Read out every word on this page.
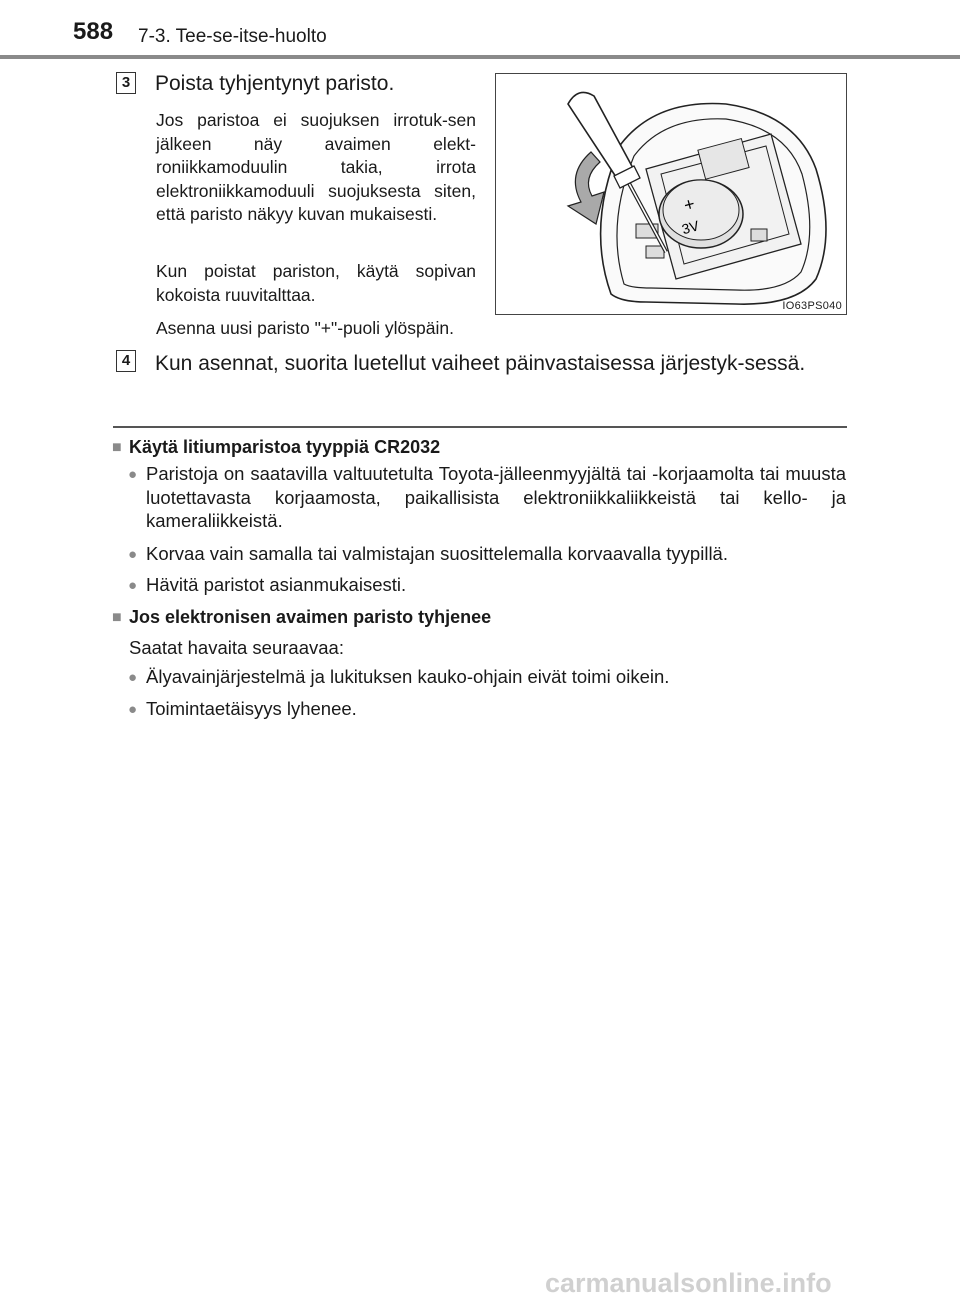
588 7-3. Tee-se-itse-huolto
3 Poista tyhjentynyt paristo.
Jos paristoa ei suojuksen irrotuk-sen jälkeen näy avaimen elekt-roniikkamoduulin takia, irrota elektroniikkamoduuli suojuksesta siten, että paristo näkyy kuvan mukaisesti.
Kun poistat pariston, käytä sopivan kokoista ruuvitalttaa.
Asenna uusi paristo "+"-puoli ylöspäin.
3V
+
IO63PS040
4 Kun asennat, suorita luetellut vaiheet päinvastaisessa järjestyk-sessä.
■ Käytä litiumparistoa tyyppiä CR2032
● Paristoja on saatavilla valtuutetulta Toyota-jälleenmyyjältä tai -korjaamolta tai muusta luotettavasta korjaamosta, paikallisista elektroniikkaliikkeistä tai kello- ja kameraliikkeistä.
● Korvaa vain samalla tai valmistajan suosittelemalla korvaavalla tyypillä.
● Hävitä paristot asianmukaisesti.
■ Jos elektronisen avaimen paristo tyhjenee
Saatat havaita seuraavaa:
● Älyavainjärjestelmä ja lukituksen kauko-ohjain eivät toimi oikein.
● Toimintaetäisyys lyhenee.
carmanualsonline.info
